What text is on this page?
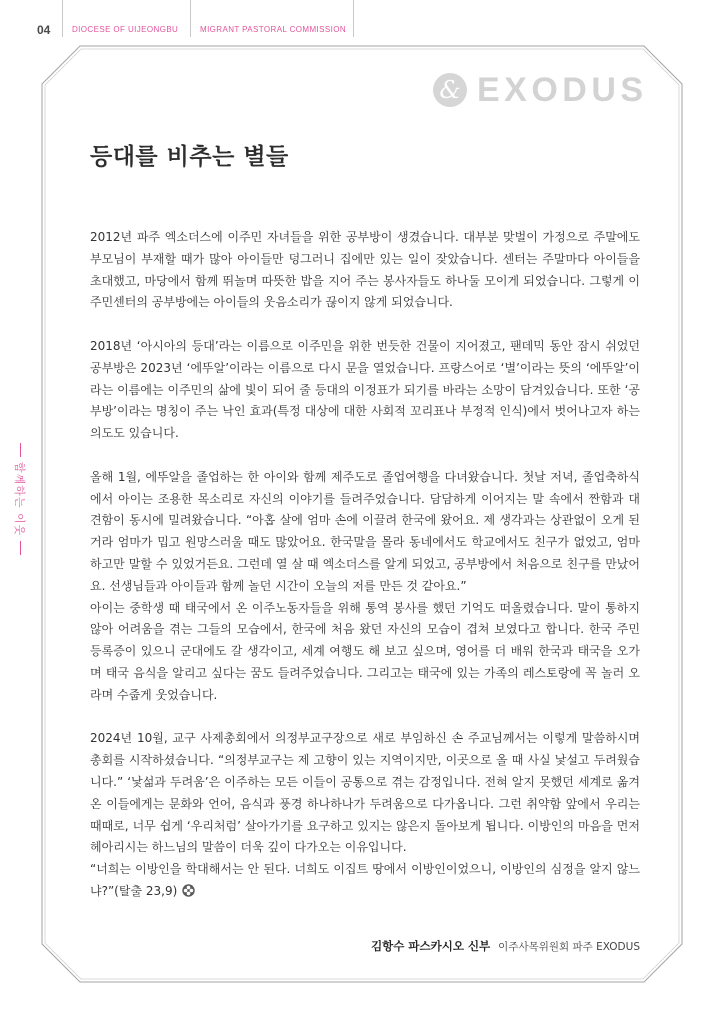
04	DIOCESE OF UIJEONGBU	MIGRANT PASTORAL COMMISSION
함께하는 이웃
& EXODUS
등대를 비추는 별들
2012년 파주 엑소더스에 이주민 자녀들을 위한 공부방이 생겼습니다. 대부분 맞벌이 가정으로 주말에도
부모님이 부재할 때가 많아 아이들만 덩그러니 집에만 있는 일이 잦았습니다. 센터는 주말마다 아이들을
초대했고, 마당에서 함께 뛰놀며 따뜻한 밥을 지어 주는 봉사자들도 하나둘 모이게 되었습니다. 그렇게 이
주민센터의 공부방에는 아이들의 웃음소리가 끊이지 않게 되었습니다.
2018년 ‘아시아의 등대’라는 이름으로 이주민을 위한 번듯한 건물이 지어졌고, 팬데믹 동안 잠시 쉬었던
공부방은 2023년 ‘에뚜알’이라는 이름으로 다시 문을 열었습니다. 프랑스어로 ‘별’이라는 뜻의 ‘에뚜알’이
라는 이름에는 이주민의 삶에 빛이 되어 줄 등대의 이정표가 되기를 바라는 소망이 담겨있습니다. 또한 ‘공
부방’이라는 명칭이 주는 낙인 효과(특정 대상에 대한 사회적 꼬리표나 부정적 인식)에서 벗어나고자 하는
의도도 있습니다.
올해 1월, 에뚜알을 졸업하는 한 아이와 함께 제주도로 졸업여행을 다녀왔습니다. 첫날 저녁, 졸업축하식
에서 아이는 조용한 목소리로 자신의 이야기를 들려주었습니다. 담담하게 이어지는 말 속에서 짠함과 대
견함이 동시에 밀려왔습니다. “아홉 살에 엄마 손에 이끌려 한국에 왔어요. 제 생각과는 상관없이 오게 된
거라 엄마가 밉고 원망스러울 때도 많았어요. 한국말을 몰라 동네에서도 학교에서도 친구가 없었고, 엄마
하고만 말할 수 있었거든요. 그런데 열 살 때 엑소더스를 알게 되었고, 공부방에서 처음으로 친구를 만났어
요. 선생님들과 아이들과 함께 놀던 시간이 오늘의 저를 만든 것 같아요.”
아이는 중학생 때 태국에서 온 이주노동자들을 위해 통역 봉사를 했던 기억도 떠올렸습니다. 말이 통하지
않아 어려움을 겪는 그들의 모습에서, 한국에 처음 왔던 자신의 모습이 겹쳐 보였다고 합니다. 한국 주민
등록증이 있으니 군대에도 갈 생각이고, 세계 여행도 해 보고 싶으며, 영어를 더 배워 한국과 태국을 오가
며 태국 음식을 알리고 싶다는 꿈도 들려주었습니다. 그리고는 태국에 있는 가족의 레스토랑에 꼭 놀러 오
라며 수줍게 웃었습니다.
2024년 10월, 교구 사제총회에서 의정부교구장으로 새로 부임하신 손 주교님께서는 이렇게 말씀하시며
총회를 시작하셨습니다. “의정부교구는 제 고향이 있는 지역이지만, 이곳으로 올 때 사실 낯설고 두려웠습
니다.” ‘낯섦과 두려움’은 이주하는 모든 이들이 공통으로 겪는 감정입니다. 전혀 알지 못했던 세계로 옮겨
온 이들에게는 문화와 언어, 음식과 풍경 하나하나가 두려움으로 다가옵니다. 그런 취약함 앞에서 우리는
때때로, 너무 쉽게 ‘우리처럼’ 살아가기를 요구하고 있지는 않은지 돌아보게 됩니다. 이방인의 마음을 먼저
헤아리시는 하느님의 말씀이 더욱 깊이 다가오는 이유입니다.
“너희는 이방인을 학대해서는 안 된다. 너희도 이집트 땅에서 이방인이었으니, 이방인의 심정을 알지 않느
냐?”(탈출 23,9)
김항수 파스카시오 신부 이주사목위원회 파주 EXODUS
